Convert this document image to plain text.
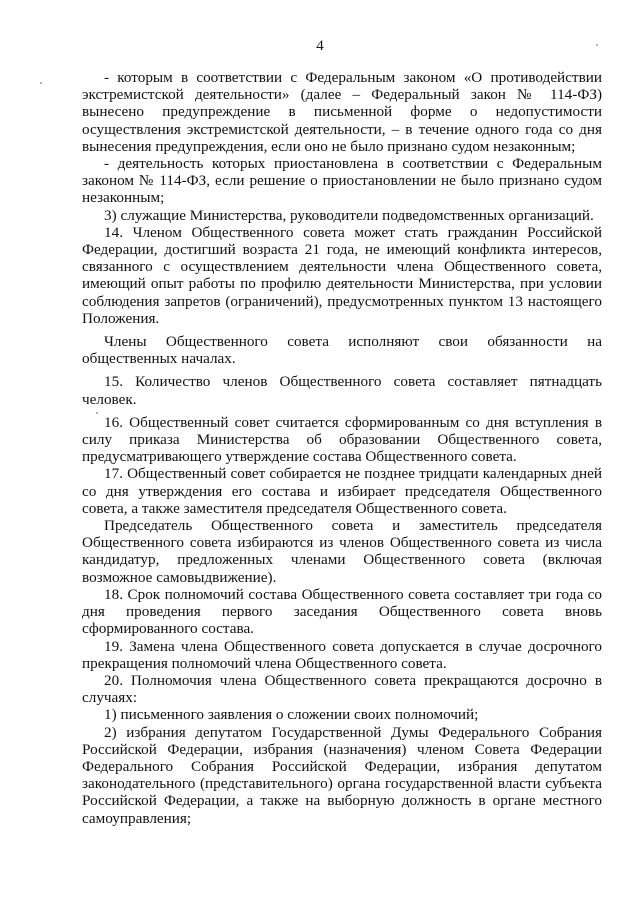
4

- которым в соответствии с Федеральным законом «О противодействии экстремистской деятельности» (далее – Федеральный закон № 114-ФЗ) вынесено предупреждение в письменной форме о недопустимости осуществления экстремистской деятельности, – в течение одного года со дня вынесения предупреждения, если оно не было признано судом незаконным;

- деятельность которых приостановлена в соответствии с Федеральным законом № 114-ФЗ, если решение о приостановлении не было признано судом незаконным;

3) служащие Министерства, руководители подведомственных организаций.

14. Членом Общественного совета может стать гражданин Российской Федерации, достигший возраста 21 года, не имеющий конфликта интересов, связанного с осуществлением деятельности члена Общественного совета, имеющий опыт работы по профилю деятельности Министерства, при условии соблюдения запретов (ограничений), предусмотренных пунктом 13 настоящего Положения.

Члены Общественного совета исполняют свои обязанности на общественных началах.

15. Количество членов Общественного совета составляет пятнадцать человек.

16. Общественный совет считается сформированным со дня вступления в силу приказа Министерства об образовании Общественного совета, предусматривающего утверждение состава Общественного совета.

17. Общественный совет собирается не позднее тридцати календарных дней со дня утверждения его состава и избирает председателя Общественного совета, а также заместителя председателя Общественного совета.

Председатель Общественного совета и заместитель председателя Общественного совета избираются из членов Общественного совета из числа кандидатур, предложенных членами Общественного совета (включая возможное самовыдвижение).

18. Срок полномочий состава Общественного совета составляет три года со дня проведения первого заседания Общественного совета вновь сформированного состава.

19. Замена члена Общественного совета допускается в случае досрочного прекращения полномочий члена Общественного совета.

20. Полномочия члена Общественного совета прекращаются досрочно в случаях:

1) письменного заявления о сложении своих полномочий;

2) избрания депутатом Государственной Думы Федерального Собрания Российской Федерации, избрания (назначения) членом Совета Федерации Федерального Собрания Российской Федерации, избрания депутатом законодательного (представительного) органа государственной власти субъекта Российской Федерации, а также на выборную должность в органе местного самоуправления;
